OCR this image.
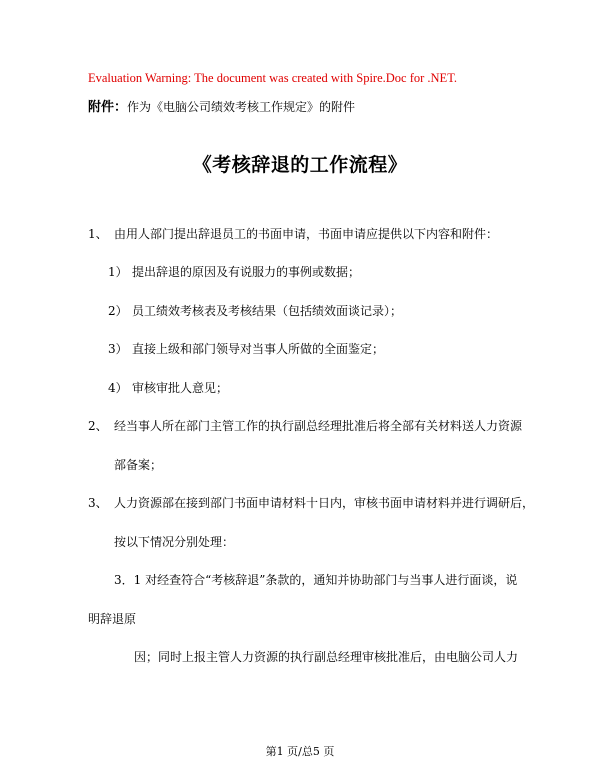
Evaluation Warning: The document was created with Spire.Doc for .NET.
附件：作为《电脑公司绩效考核工作规定》的附件
《考核辞退的工作流程》
1、 由用人部门提出辞退员工的书面申请，书面申请应提供以下内容和附件：
1） 提出辞退的原因及有说服力的事例或数据；
2） 员工绩效考核表及考核结果（包括绩效面谈记录）；
3） 直接上级和部门领导对当事人所做的全面鉴定；
4） 审核审批人意见；
2、 经当事人所在部门主管工作的执行副总经理批准后将全部有关材料送人力资源
部备案；
3、 人力资源部在接到部门书面申请材料十日内，审核书面申请材料并进行调研后，
按以下情况分别处理：
3．1 对经查符合“考核辞退”条款的，通知并协助部门与当事人进行面谈，说
明辞退原
因；同时上报主管人力资源的执行副总经理审核批准后，由电脑公司人力
第1 页/总5 页
